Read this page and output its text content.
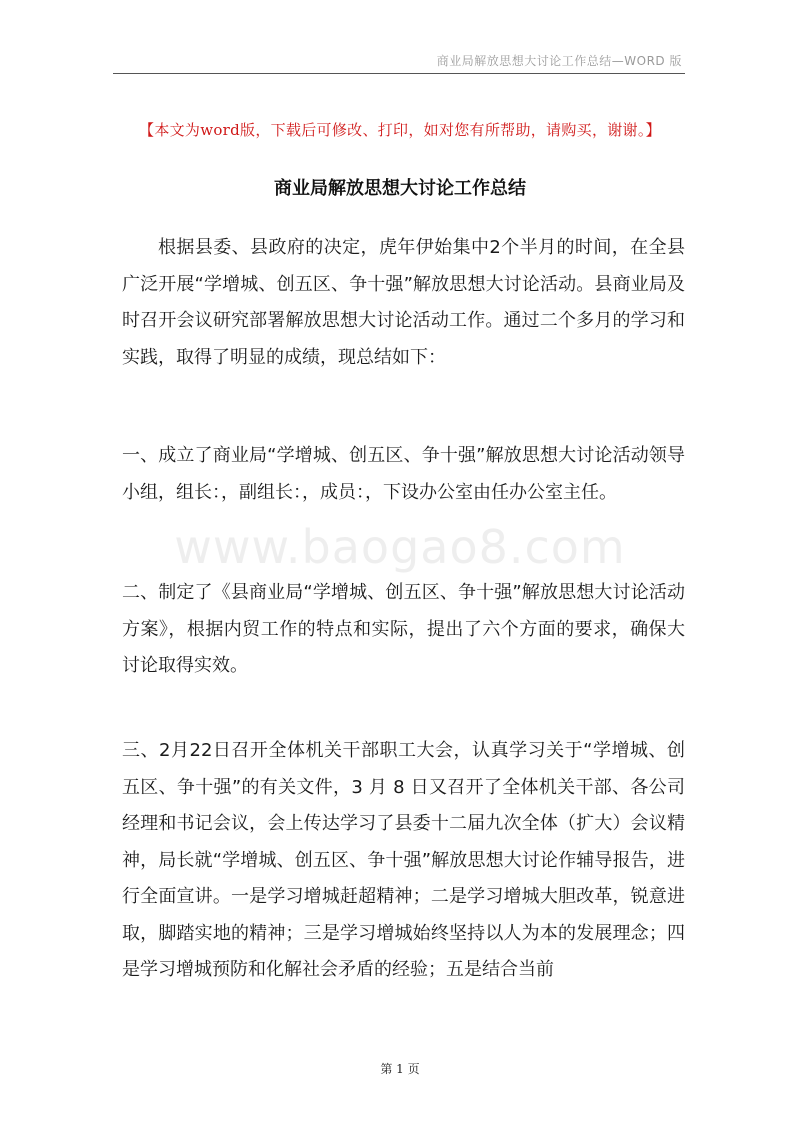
商业局解放思想大讨论工作总结—WORD 版
【本文为word版，下载后可修改、打印，如对您有所帮助，请购买，谢谢。】
商业局解放思想大讨论工作总结

根据县委、县政府的决定，虎年伊始集中2个半月的时间，在全县广泛开展“学增城、创五区、争十强”解放思想大讨论活动。县商业局及时召开会议研究部署解放思想大讨论活动工作。通过二个多月的学习和实践，取得了明显的成绩，现总结如下：

一、成立了商业局“学增城、创五区、争十强”解放思想大讨论活动领导小组，组长：，副组长：，成员：，下设办公室由任办公室主任。

二、制定了《县商业局“学增城、创五区、争十强”解放思想大讨论活动方案》，根据内贸工作的特点和实际，提出了六个方面的要求，确保大讨论取得实效。

三、2月22日召开全体机关干部职工大会，认真学习关于“学增城、创五区、争十强”的有关文件，3 月 8 日又召开了全体机关干部、各公司经理和书记会议，会上传达学习了县委十二届九次全体（扩大）会议精神，局长就“学增城、创五区、争十强”解放思想大讨论作辅导报告，进行全面宣讲。一是学习增城赶超精神；二是学习增城大胆改革，锐意进取，脚踏实地的精神；三是学习增城始终坚持以人为本的发展理念；四是学习增城预防和化解社会矛盾的经验；五是结合当前

www.baogao8.com
第 1 页
